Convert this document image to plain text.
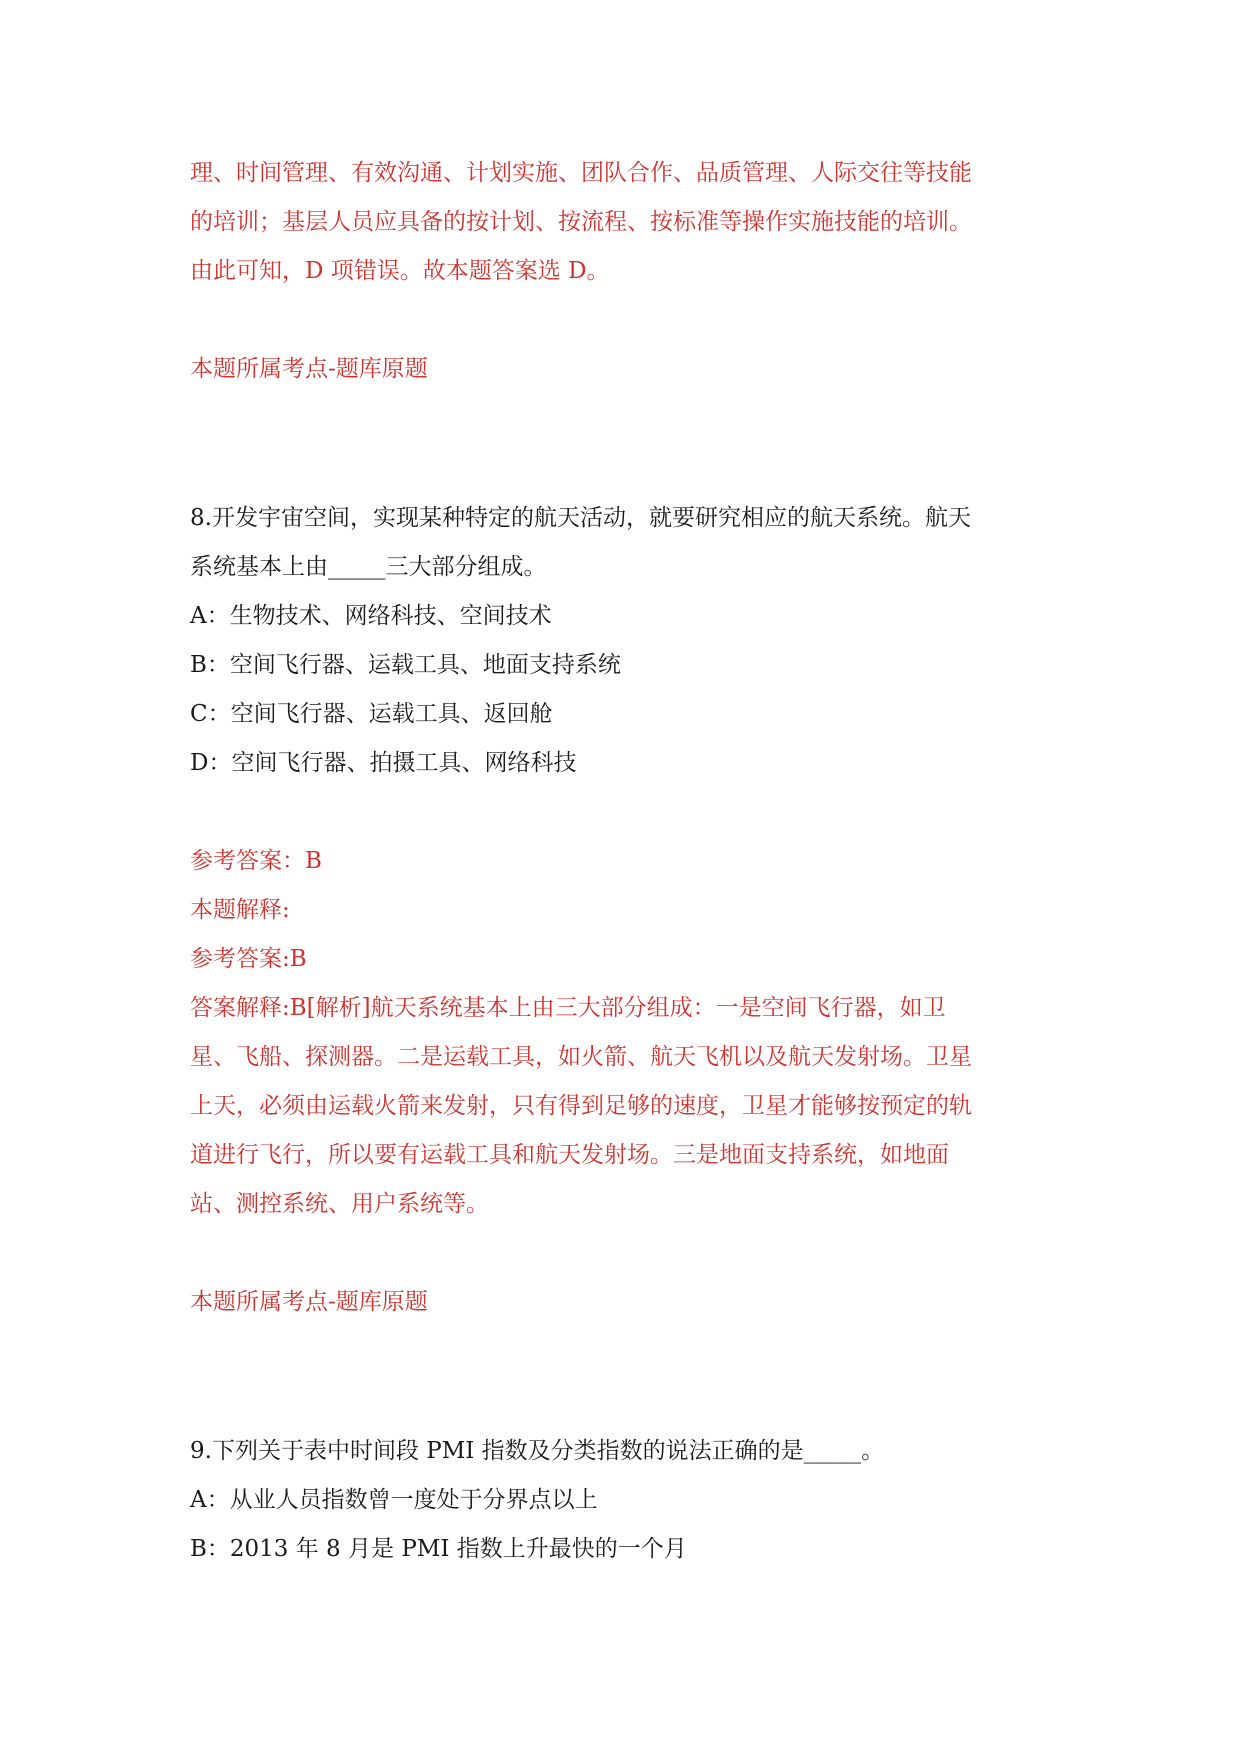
理、时间管理、有效沟通、计划实施、团队合作、品质管理、人际交往等技能
的培训；基层人员应具备的按计划、按流程、按标准等操作实施技能的培训。
由此可知，D 项错误。故本题答案选 D。
本题所属考点-题库原题
8.开发宇宙空间，实现某种特定的航天活动，就要研究相应的航天系统。航天
系统基本上由_____三大部分组成。
A：生物技术、网络科技、空间技术
B：空间飞行器、运载工具、地面支持系统
C：空间飞行器、运载工具、返回舱
D：空间飞行器、拍摄工具、网络科技
参考答案：B
本题解释:
参考答案:B
答案解释:B[解析]航天系统基本上由三大部分组成：一是空间飞行器，如卫
星、飞船、探测器。二是运载工具，如火箭、航天飞机以及航天发射场。卫星
上天，必须由运载火箭来发射，只有得到足够的速度，卫星才能够按预定的轨
道进行飞行，所以要有运载工具和航天发射场。三是地面支持系统，如地面
站、测控系统、用户系统等。
本题所属考点-题库原题
9.下列关于表中时间段 PMI 指数及分类指数的说法正确的是_____。
A：从业人员指数曾一度处于分界点以上
B：2013 年 8 月是 PMI 指数上升最快的一个月
